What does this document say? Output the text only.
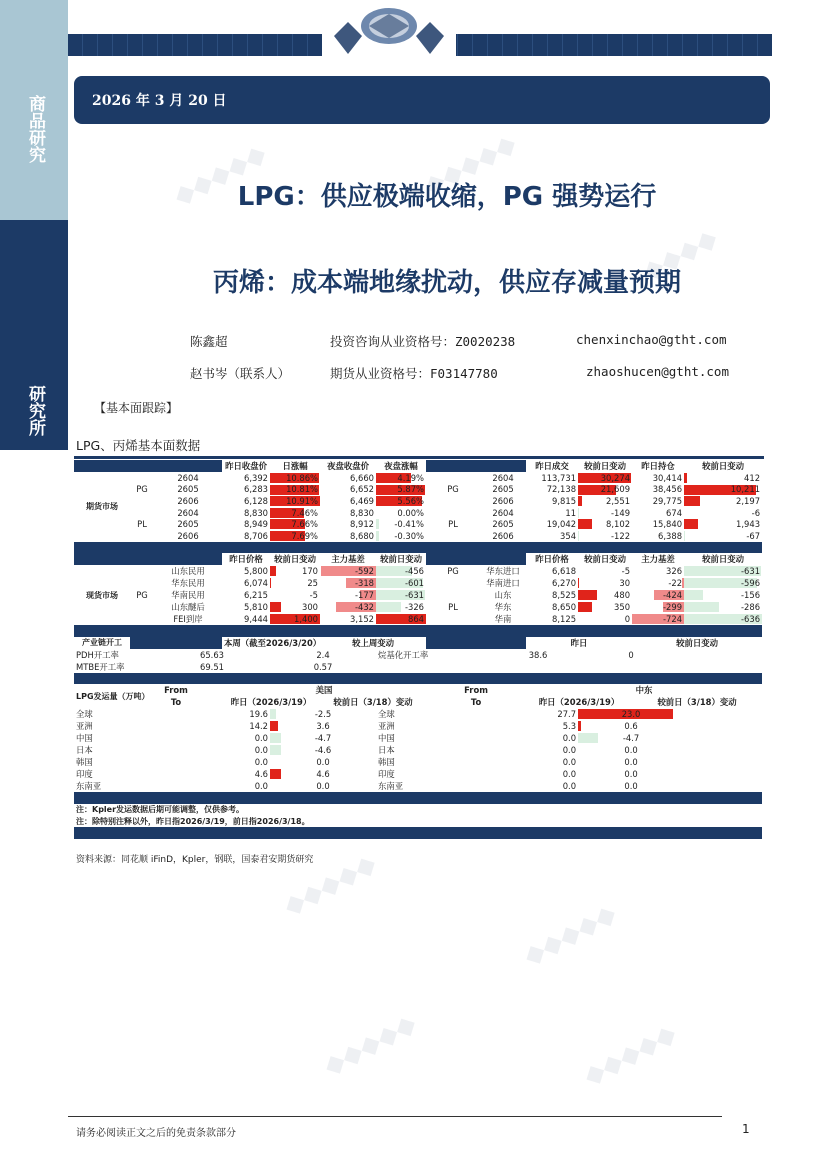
◆◆◆◆◆	◆◆◆◆◆
◆◆◆◆
◆◆◆◆◆
◆◆◆◆◆
◆◆◆◆◆	◆◆◆◆◆
商品研究
研究所
2026 年 3 月 20 日
LPG：供应极端收缩，PG 强势运行
丙烯：成本端地缘扰动，供应存减量预期
陈鑫超	投资咨询从业资格号：Z0020238	chenxinchao@gtht.com
赵书岑（联系人）	期货从业资格号：F03147780	zhaoshucen@gtht.com
【基本面跟踪】
LPG、丙烯基本面数据
			昨日收盘价	日涨幅	夜盘收盘价	夜盘涨幅				昨日成交	较前日变动	昨日持仓	较前日变动
期货市场		2604	6,392	10.86%	6,660	4.19%		2604		113,731	30,274	30,414	412
	PG	2605	6,283	10.81%	6,652	5.87%	PG	2605		72,138	21,609	38,456	10,211
		2606	6,128	10.91%	6,469	5.56%		2606		9,815	2,551	29,775	2,197
		2604	8,830	7.46%	8,830	0.00%		2604		11	-149	674	-6
	PL	2605	8,949	7.66%	8,912	-0.41%	PL	2605		19,042	8,102	15,840	1,943
		2606	8,706	7.69%	8,680	-0.30%		2606		354	-122	6,388	-67

			昨日价格	较前日变动	主力基差	较前日变动				昨日价格	较前日变动	主力基差	较前日变动
现货市场		山东民用	5,800	170	-592	-456	PG	华东进口		6,618	-5	326	-631
		华东民用	6,074	25	-318	-601		华南进口		6,270	30	-22	-596
	PG	华南民用	6,215	-5	-177	-631		山东		8,525	480	-424	-156
		山东醚后	5,810	300	-432	-326	PL	华东		8,650	350	-299	-286
		FEI到岸	9,444	1,400	3,152	864		华南		8,125	0	-724	-636

产业链开工			本周（截至2026/3/20）		较上周变动					昨日		较前日变动	
PDH开工率		65.63		2.4		烷基化开工率			38.6		0		
MTBE开工率		69.51		0.57									

LPG发运量（万吨）	From		美国				From			中东			
	To		昨日（2026/3/19）		较前日（3/18）变动		To			昨日（2026/3/19）		较前日（3/18）变动	
全球		19.6		-2.5		全球			27.7		23.0		
亚洲		14.2		3.6		亚洲			5.3		0.6		
中国		0.0		-4.7		中国			0.0		-4.7		
日本		0.0		-4.6		日本			0.0		0.0		
韩国		0.0		0.0		韩国			0.0		0.0		
印度		4.6		4.6		印度			0.0		0.0		
东南亚		0.0		0.0		东南亚			0.0		0.0		

注：Kpler发运数据后期可能调整，仅供参考。													
注：除特别注释以外，昨日指2026/3/19，前日指2026/3/18。													

资料来源：同花顺 iFinD，Kpler，钢联，国泰君安期货研究
请务必阅读正文之后的免责条款部分	1
